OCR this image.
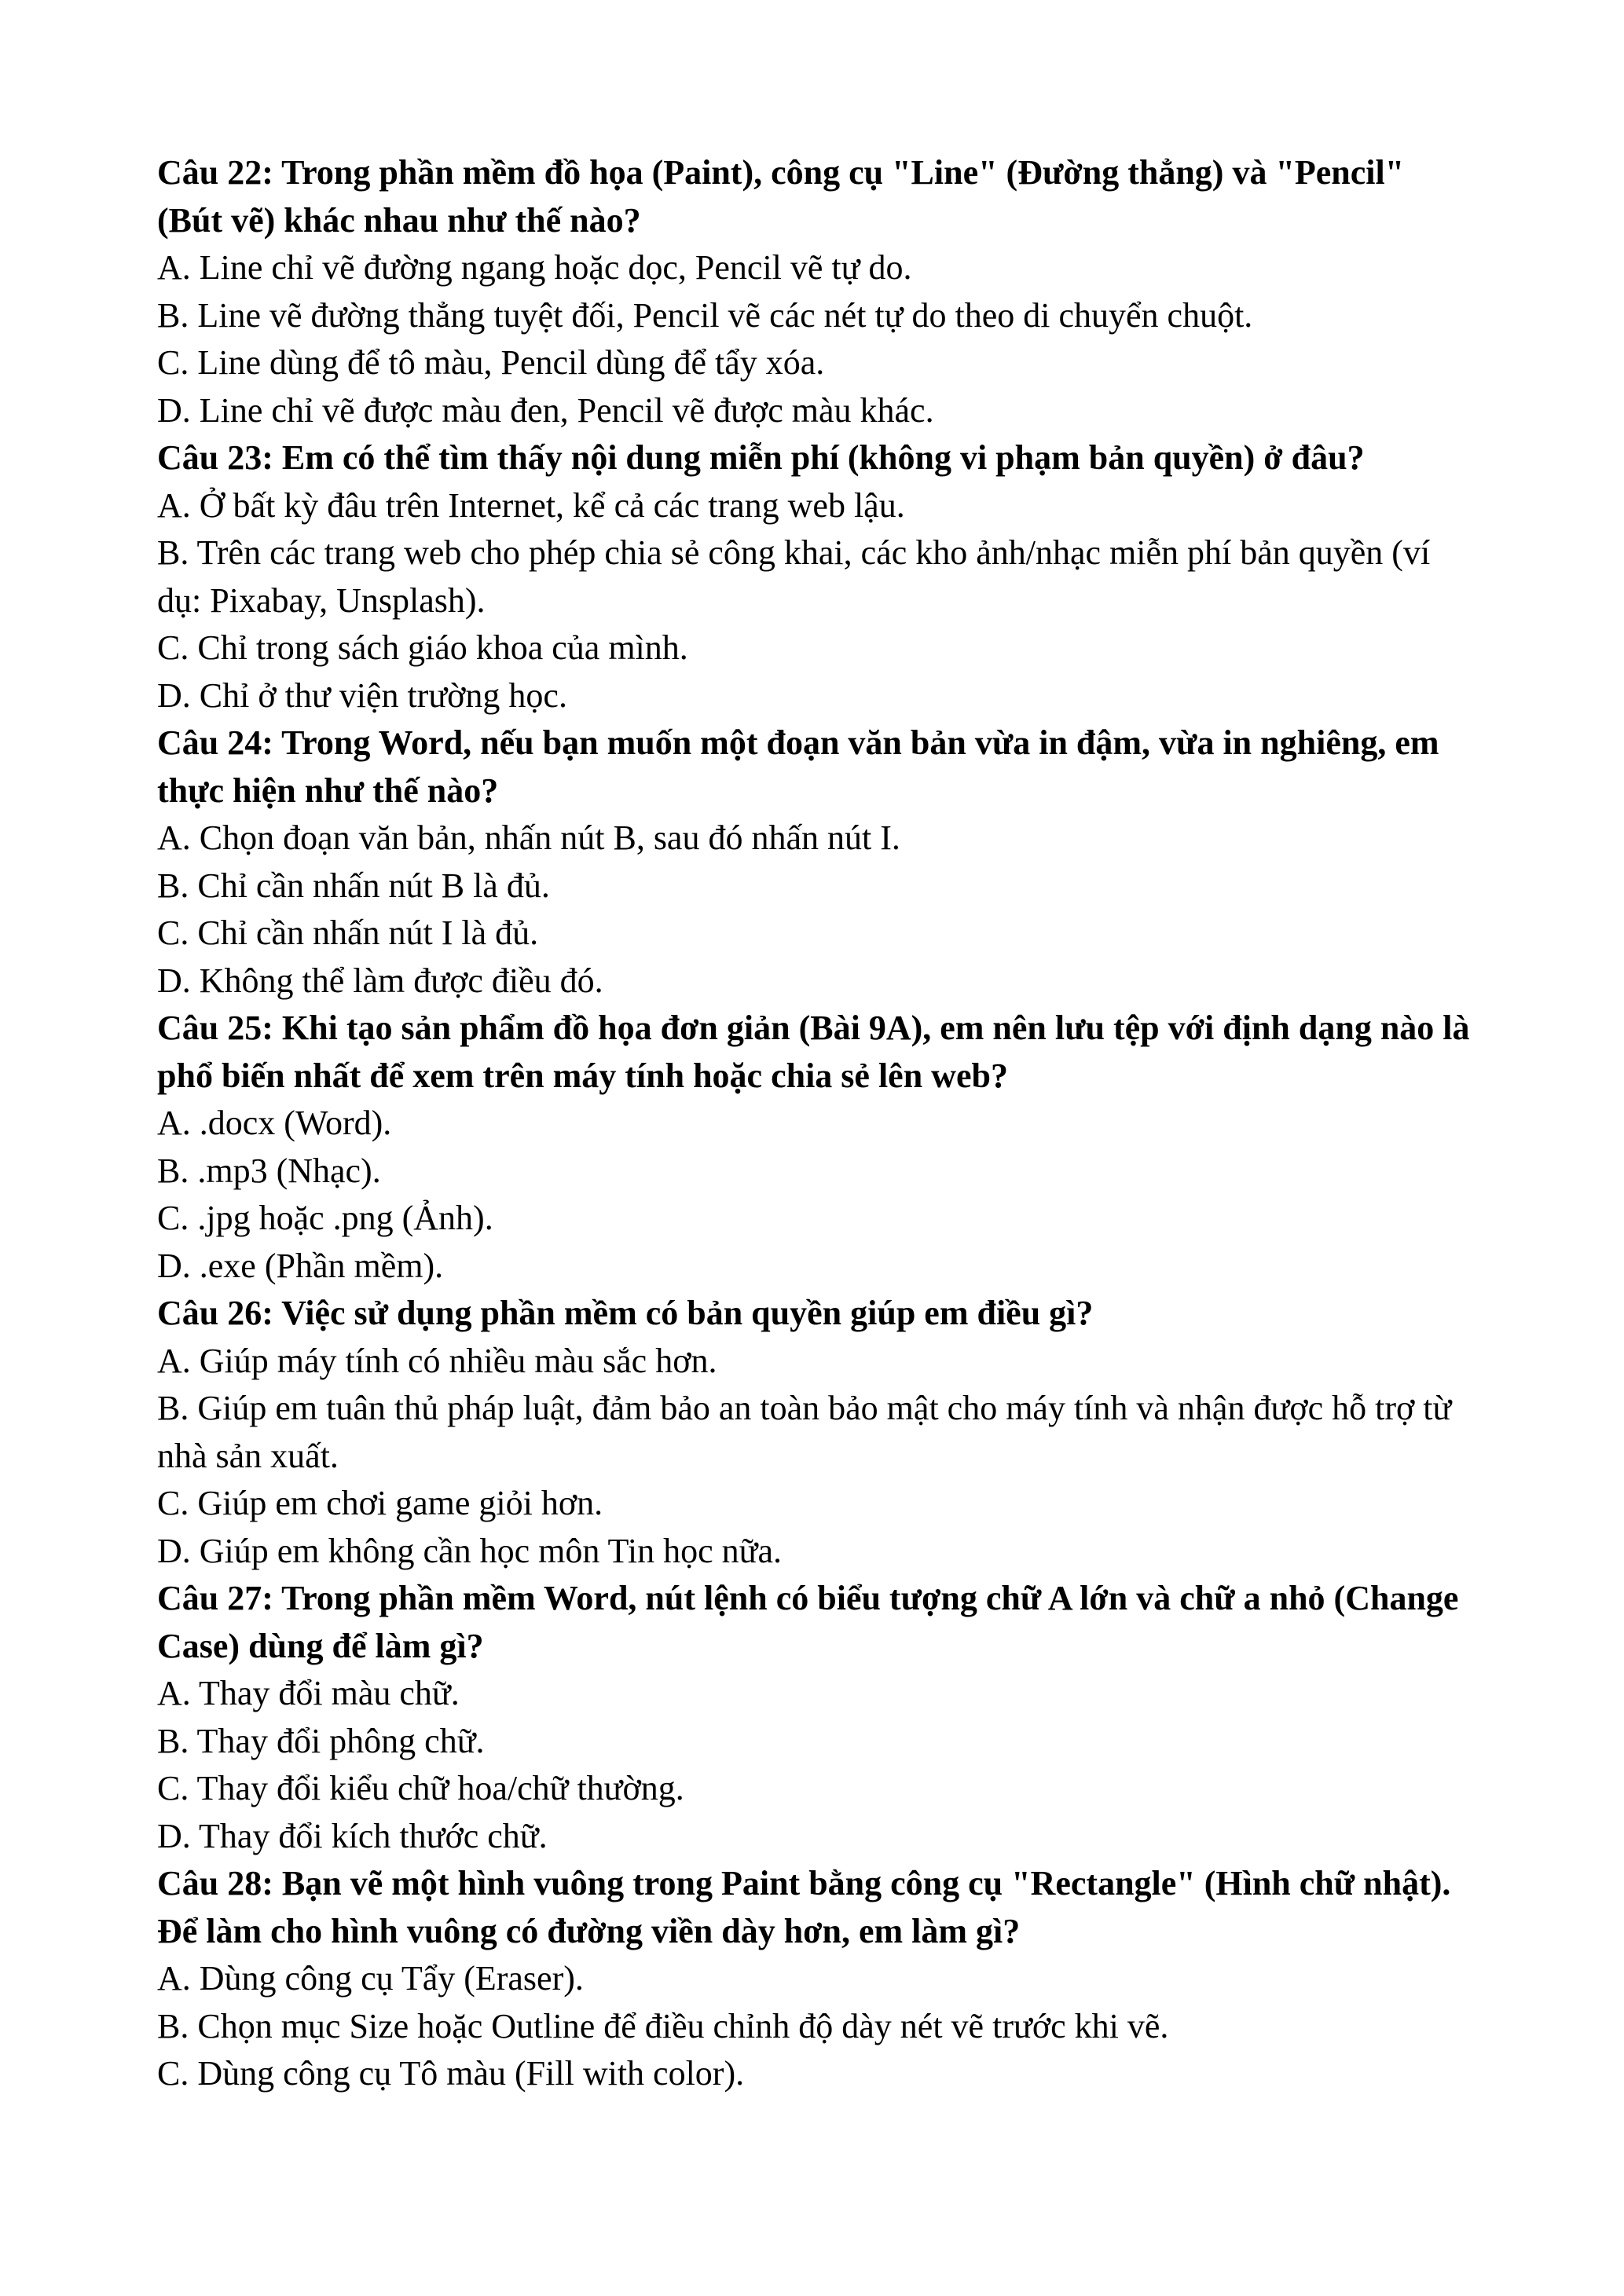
Câu 22: Trong phần mềm đồ họa (Paint), công cụ "Line" (Đường thẳng) và "Pencil" (Bút vẽ) khác nhau như thế nào?

A. Line chỉ vẽ đường ngang hoặc dọc, Pencil vẽ tự do.

B. Line vẽ đường thẳng tuyệt đối, Pencil vẽ các nét tự do theo di chuyển chuột.

C. Line dùng để tô màu, Pencil dùng để tẩy xóa.

D. Line chỉ vẽ được màu đen, Pencil vẽ được màu khác.

Câu 23: Em có thể tìm thấy nội dung miễn phí (không vi phạm bản quyền) ở đâu?

A. Ở bất kỳ đâu trên Internet, kể cả các trang web lậu.

B. Trên các trang web cho phép chia sẻ công khai, các kho ảnh/nhạc miễn phí bản quyền (ví dụ: Pixabay, Unsplash).

C. Chỉ trong sách giáo khoa của mình.

D. Chỉ ở thư viện trường học.

Câu 24: Trong Word, nếu bạn muốn một đoạn văn bản vừa in đậm, vừa in nghiêng, em thực hiện như thế nào?

A. Chọn đoạn văn bản, nhấn nút B, sau đó nhấn nút I.

B. Chỉ cần nhấn nút B là đủ.

C. Chỉ cần nhấn nút I là đủ.

D. Không thể làm được điều đó.

Câu 25: Khi tạo sản phẩm đồ họa đơn giản (Bài 9A), em nên lưu tệp với định dạng nào là phổ biến nhất để xem trên máy tính hoặc chia sẻ lên web?

A. .docx (Word).

B. .mp3 (Nhạc).

C. .jpg hoặc .png (Ảnh).

D. .exe (Phần mềm).

Câu 26: Việc sử dụng phần mềm có bản quyền giúp em điều gì?

A. Giúp máy tính có nhiều màu sắc hơn.

B. Giúp em tuân thủ pháp luật, đảm bảo an toàn bảo mật cho máy tính và nhận được hỗ trợ từ nhà sản xuất.

C. Giúp em chơi game giỏi hơn.

D. Giúp em không cần học môn Tin học nữa.

Câu 27: Trong phần mềm Word, nút lệnh có biểu tượng chữ A lớn và chữ a nhỏ (Change Case) dùng để làm gì?

A. Thay đổi màu chữ.

B. Thay đổi phông chữ.

C. Thay đổi kiểu chữ hoa/chữ thường.

D. Thay đổi kích thước chữ.

Câu 28: Bạn vẽ một hình vuông trong Paint bằng công cụ "Rectangle" (Hình chữ nhật). Để làm cho hình vuông có đường viền dày hơn, em làm gì?

A. Dùng công cụ Tẩy (Eraser).

B. Chọn mục Size hoặc Outline để điều chỉnh độ dày nét vẽ trước khi vẽ.

C. Dùng công cụ Tô màu (Fill with color).
